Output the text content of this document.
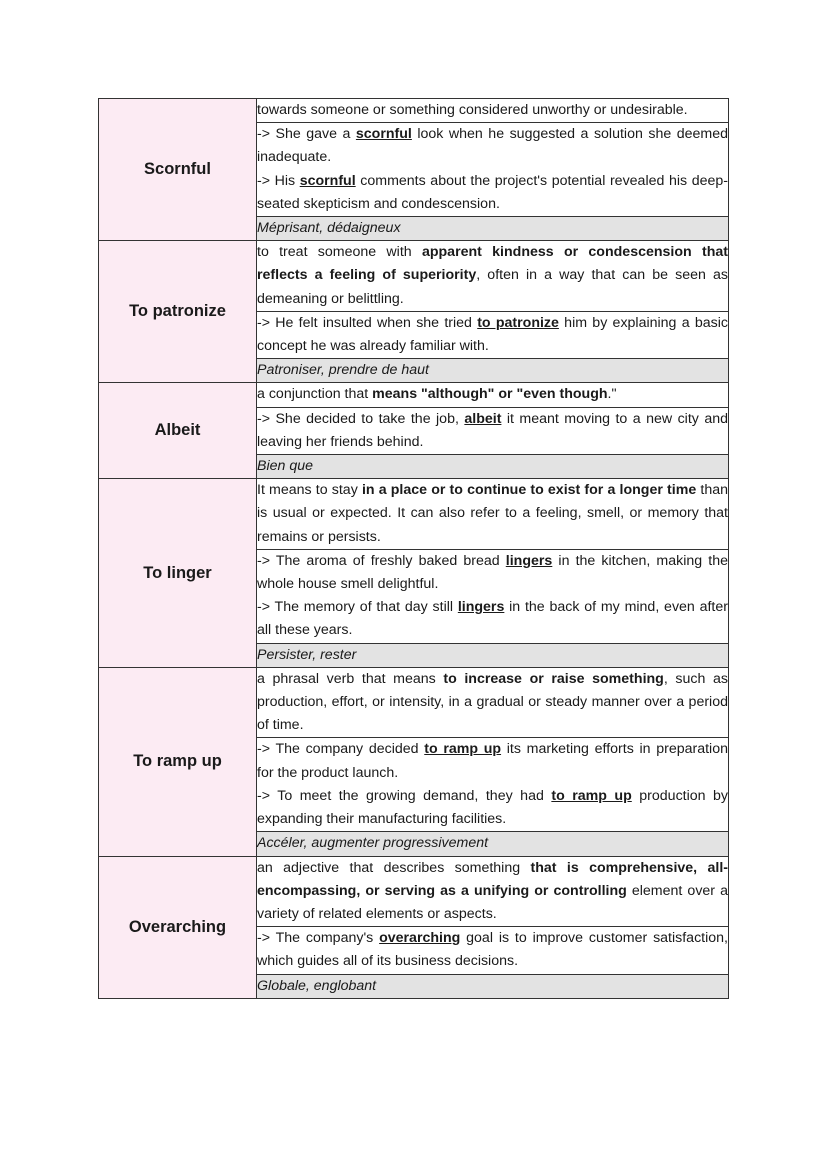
Scornful	towards someone or something considered unworthy or undesirable.

	-> She gave a scornful look when he suggested a solution she deemed inadequate.
-> His scornful comments about the project's potential revealed his deep-seated skepticism and condescension.

	Méprisant, dédaigneux
To patronize	to treat someone with apparent kindness or condescension that reflects a feeling of superiority, often in a way that can be seen as demeaning or belittling.

	-> He felt insulted when she tried to patronize him by explaining a basic concept he was already familiar with.

	Patroniser, prendre de haut
Albeit	a conjunction that means "although" or "even though."

	-> She decided to take the job, albeit it meant moving to a new city and leaving her friends behind.

	Bien que
To linger	It means to stay in a place or to continue to exist for a longer time than is usual or expected. It can also refer to a feeling, smell, or memory that remains or persists.

	-> The aroma of freshly baked bread lingers in the kitchen, making the whole house smell delightful.
-> The memory of that day still lingers in the back of my mind, even after all these years.

	Persister, rester
To ramp up	a phrasal verb that means to increase or raise something, such as production, effort, or intensity, in a gradual or steady manner over a period of time.

	-> The company decided to ramp up its marketing efforts in preparation for the product launch.
-> To meet the growing demand, they had to ramp up production by expanding their manufacturing facilities.

	Accéler, augmenter progressivement
Overarching	an adjective that describes something that is comprehensive, all-encompassing, or serving as a unifying or controlling element over a variety of related elements or aspects.

	-> The company's overarching goal is to improve customer satisfaction, which guides all of its business decisions.

	Globale, englobant
